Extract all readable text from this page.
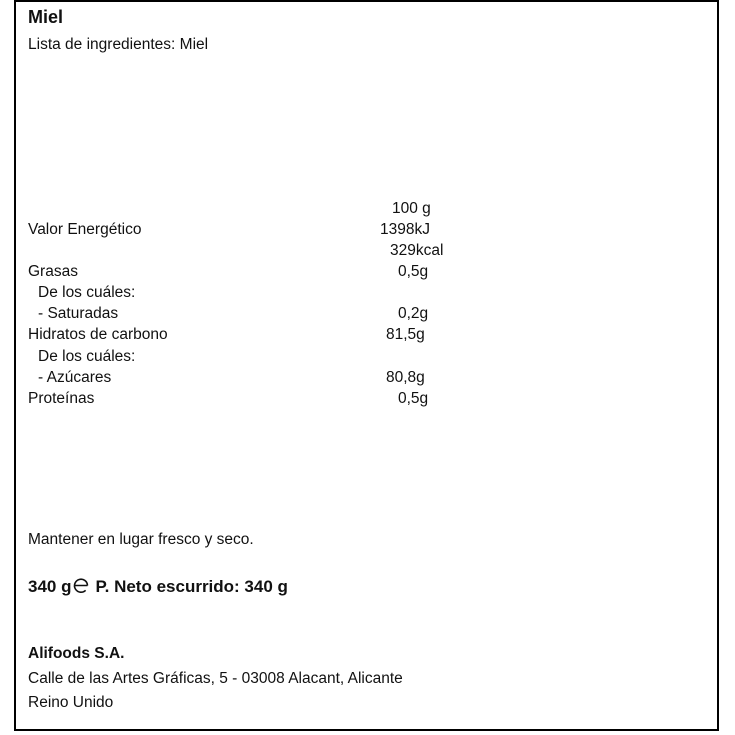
Miel
Lista de ingredientes: Miel
100 g
Valor Energético	1398kJ
329kcal
Grasas	0,5g
De los cuáles:
- Saturadas	0,2g
Hidratos de carbono	81,5g
De los cuáles:
- Azúcares	80,8g
Proteínas	0,5g
Mantener en lugar fresco y seco.
340 g P. Neto escurrido: 340 g
Alifoods S.A.
Calle de las Artes Gráficas, 5 - 03008 Alacant, Alicante
Reino Unido
